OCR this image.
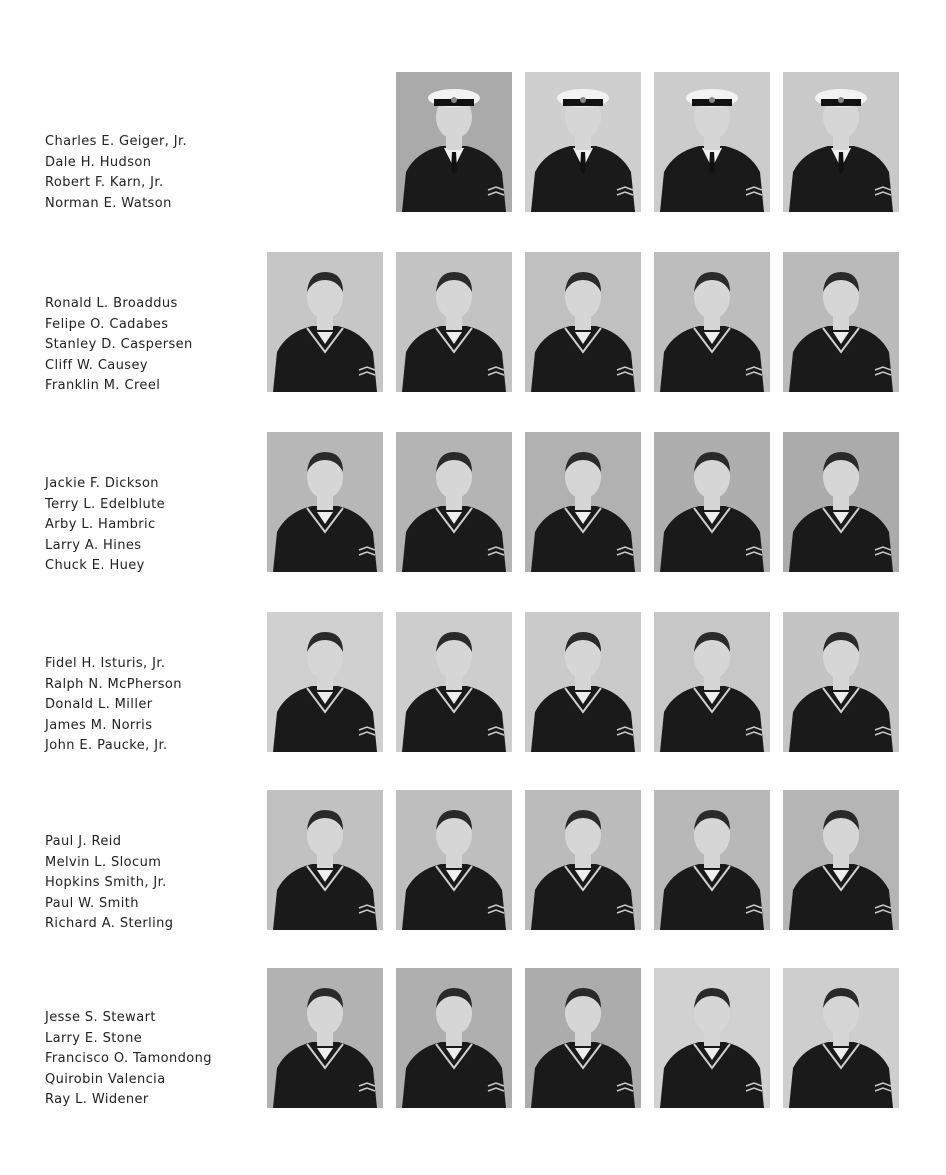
Charles E. Geiger, Jr.
Dale H. Hudson
Robert F. Karn, Jr.
Norman E. Watson
Ronald L. Broaddus
Felipe O. Cadabes
Stanley D. Caspersen
Cliff W. Causey
Franklin M. Creel
Jackie F. Dickson
Terry L. Edelblute
Arby L. Hambric
Larry A. Hines
Chuck E. Huey
Fidel H. Isturis, Jr.
Ralph N. McPherson
Donald L. Miller
James M. Norris
John E. Paucke, Jr.
Paul J. Reid
Melvin L. Slocum
Hopkins Smith, Jr.
Paul W. Smith
Richard A. Sterling
Jesse S. Stewart
Larry E. Stone
Francisco O. Tamondong
Quirobin Valencia
Ray L. Widener
